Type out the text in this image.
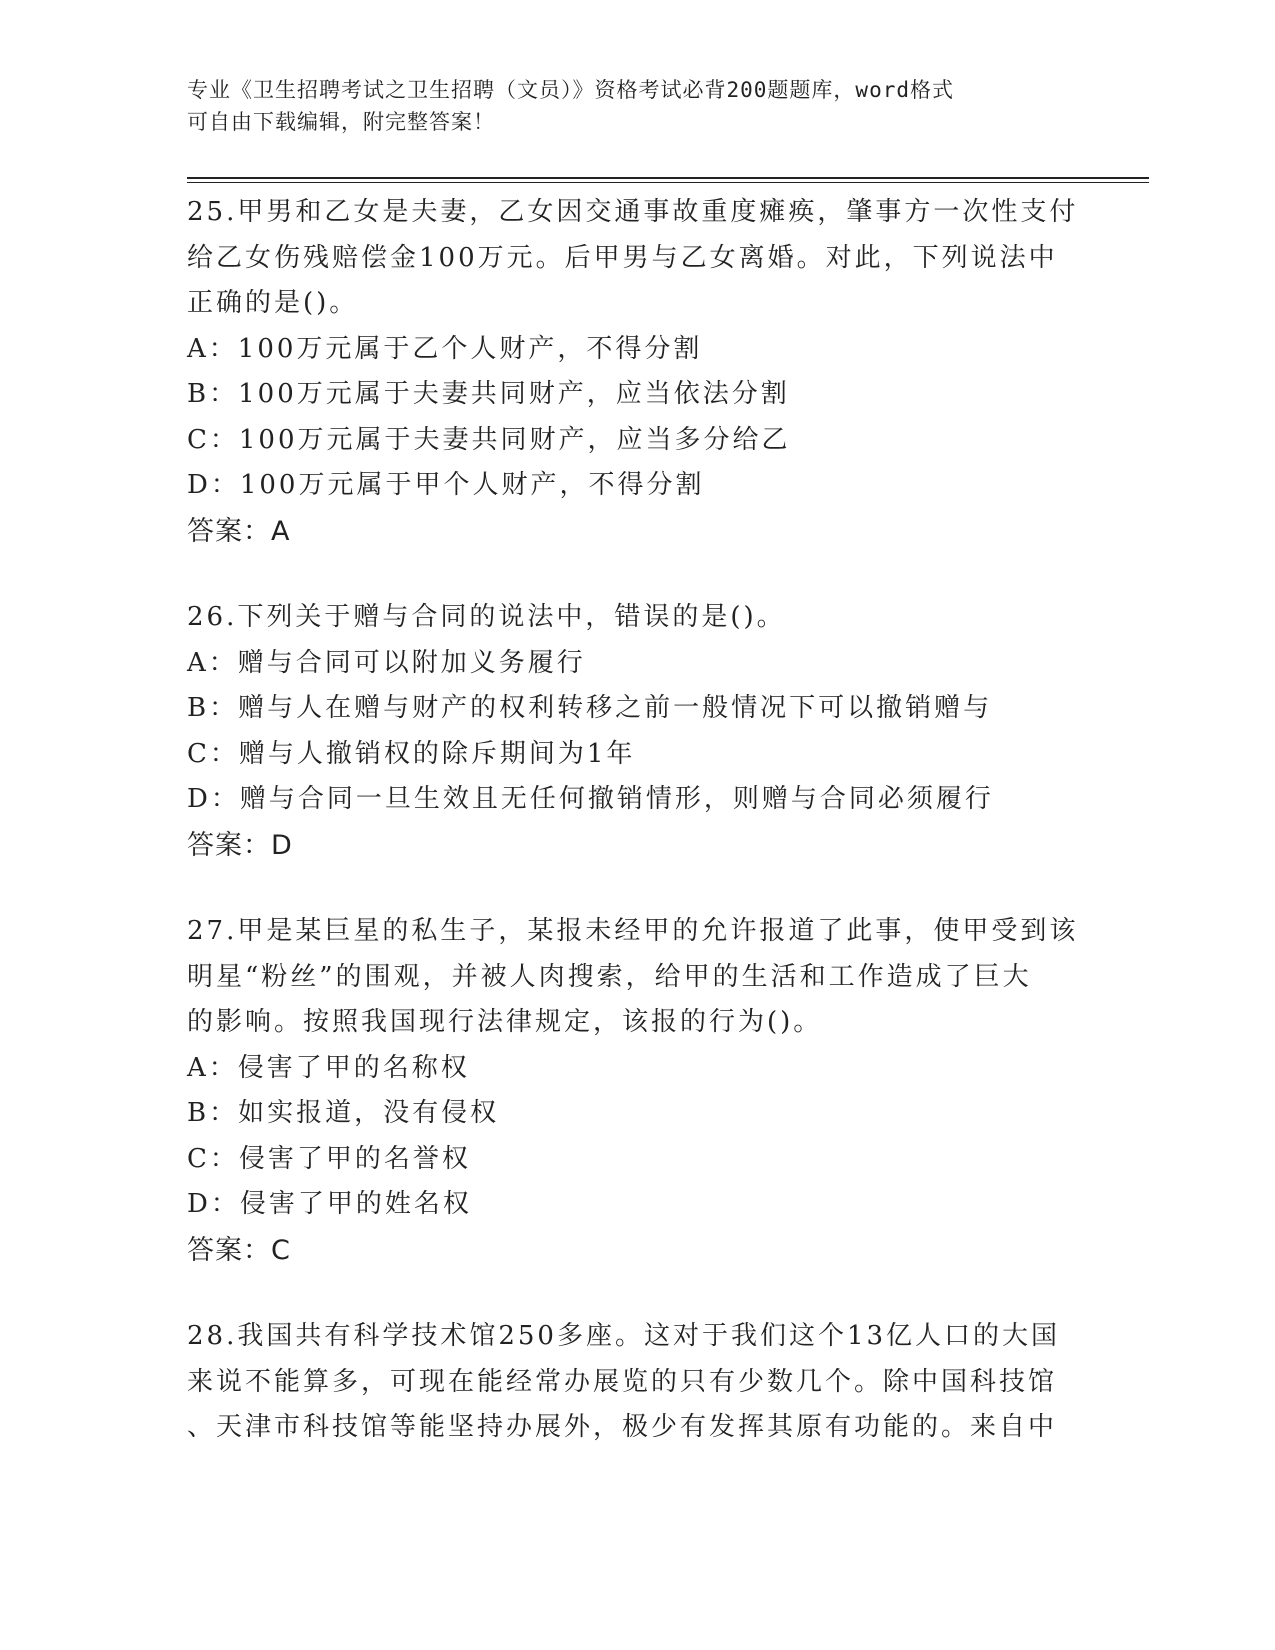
专业《卫生招聘考试之卫生招聘（文员）》资格考试必背200题题库，word格式
可自由下载编辑，附完整答案！
25.甲男和乙女是夫妻，乙女因交通事故重度瘫痪，肇事方一次性支付
给乙女伤残赔偿金100万元。后甲男与乙女离婚。对此，下列说法中
正确的是()。
A：100万元属于乙个人财产，不得分割
B：100万元属于夫妻共同财产，应当依法分割
C：100万元属于夫妻共同财产，应当多分给乙
D：100万元属于甲个人财产，不得分割
答案：A
26.下列关于赠与合同的说法中，错误的是()。
A：赠与合同可以附加义务履行
B：赠与人在赠与财产的权利转移之前一般情况下可以撤销赠与
C：赠与人撤销权的除斥期间为1年
D：赠与合同一旦生效且无任何撤销情形，则赠与合同必须履行
答案：D
27.甲是某巨星的私生子，某报未经甲的允许报道了此事，使甲受到该
明星“粉丝”的围观，并被人肉搜索，给甲的生活和工作造成了巨大
的影响。按照我国现行法律规定，该报的行为()。
A：侵害了甲的名称权
B：如实报道，没有侵权
C：侵害了甲的名誉权
D：侵害了甲的姓名权
答案：C
28.我国共有科学技术馆250多座。这对于我们这个13亿人口的大国
来说不能算多，可现在能经常办展览的只有少数几个。除中国科技馆
、天津市科技馆等能坚持办展外，极少有发挥其原有功能的。来自中
